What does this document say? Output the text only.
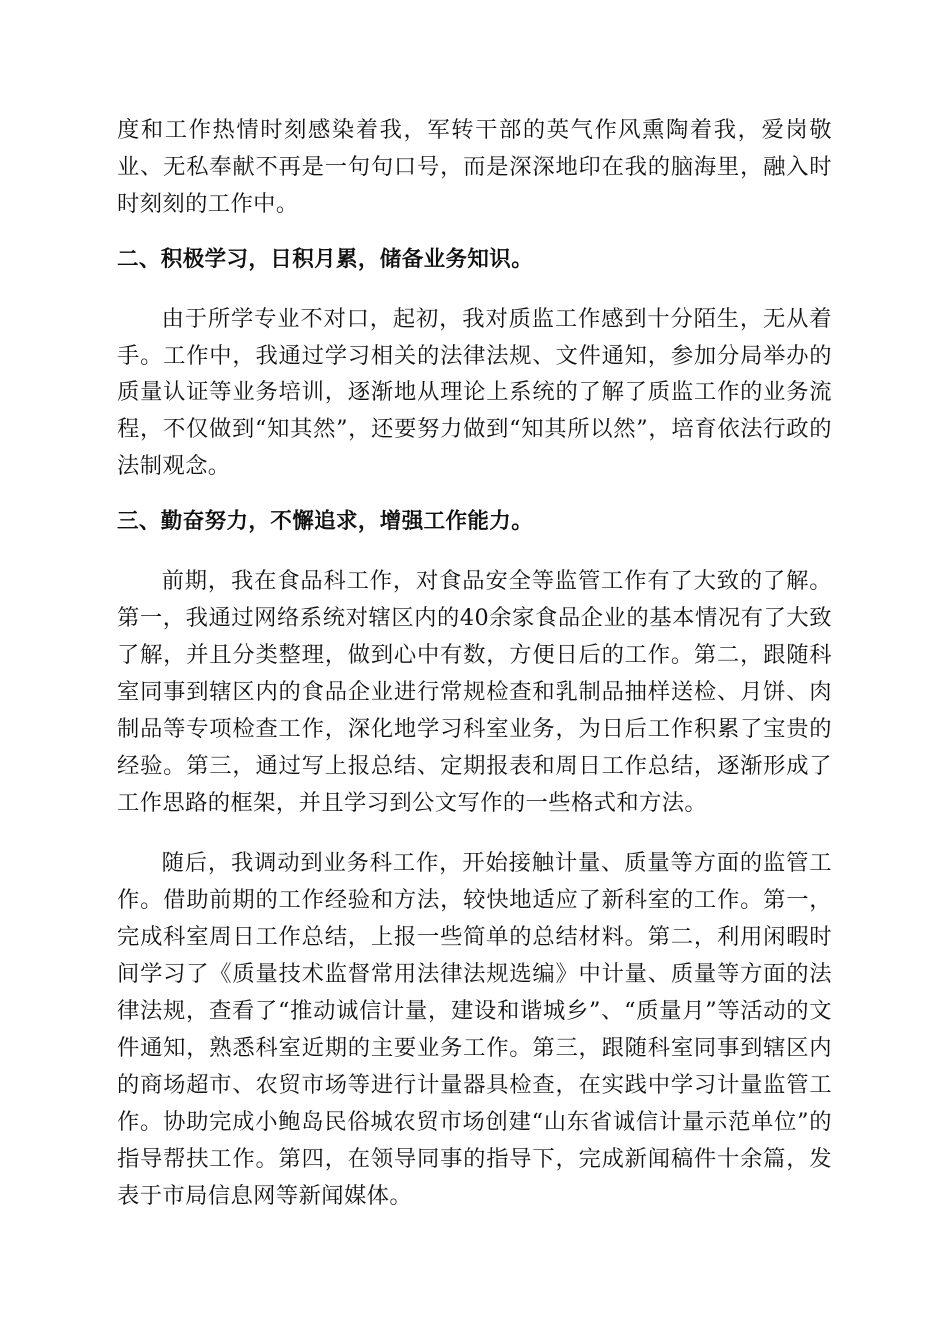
度和工作热情时刻感染着我，军转干部的英气作风熏陶着我，爱岗敬业、无私奉献不再是一句句口号，而是深深地印在我的脑海里，融入时时刻刻的工作中。

二、积极学习，日积月累，储备业务知识。

由于所学专业不对口，起初，我对质监工作感到十分陌生，无从着手。工作中，我通过学习相关的法律法规、文件通知，参加分局举办的质量认证等业务培训，逐渐地从理论上系统的了解了质监工作的业务流程，不仅做到“知其然”，还要努力做到“知其所以然”，培育依法行政的法制观念。

三、勤奋努力，不懈追求，增强工作能力。

前期，我在食品科工作，对食品安全等监管工作有了大致的了解。第一，我通过网络系统对辖区内的40余家食品企业的基本情况有了大致了解，并且分类整理，做到心中有数，方便日后的工作。第二，跟随科室同事到辖区内的食品企业进行常规检查和乳制品抽样送检、月饼、肉制品等专项检查工作，深化地学习科室业务，为日后工作积累了宝贵的经验。第三，通过写上报总结、定期报表和周日工作总结，逐渐形成了工作思路的框架，并且学习到公文写作的一些格式和方法。

随后，我调动到业务科工作，开始接触计量、质量等方面的监管工作。借助前期的工作经验和方法，较快地适应了新科室的工作。第一，完成科室周日工作总结，上报一些简单的总结材料。第二，利用闲暇时间学习了《质量技术监督常用法律法规选编》中计量、质量等方面的法律法规，查看了“推动诚信计量，建设和谐城乡”、“质量月”等活动的文件通知，熟悉科室近期的主要业务工作。第三，跟随科室同事到辖区内的商场超市、农贸市场等进行计量器具检查，在实践中学习计量监管工作。协助完成小鲍岛民俗城农贸市场创建“山东省诚信计量示范单位”的指导帮扶工作。第四，在领导同事的指导下，完成新闻稿件十余篇，发表于市局信息网等新闻媒体。
